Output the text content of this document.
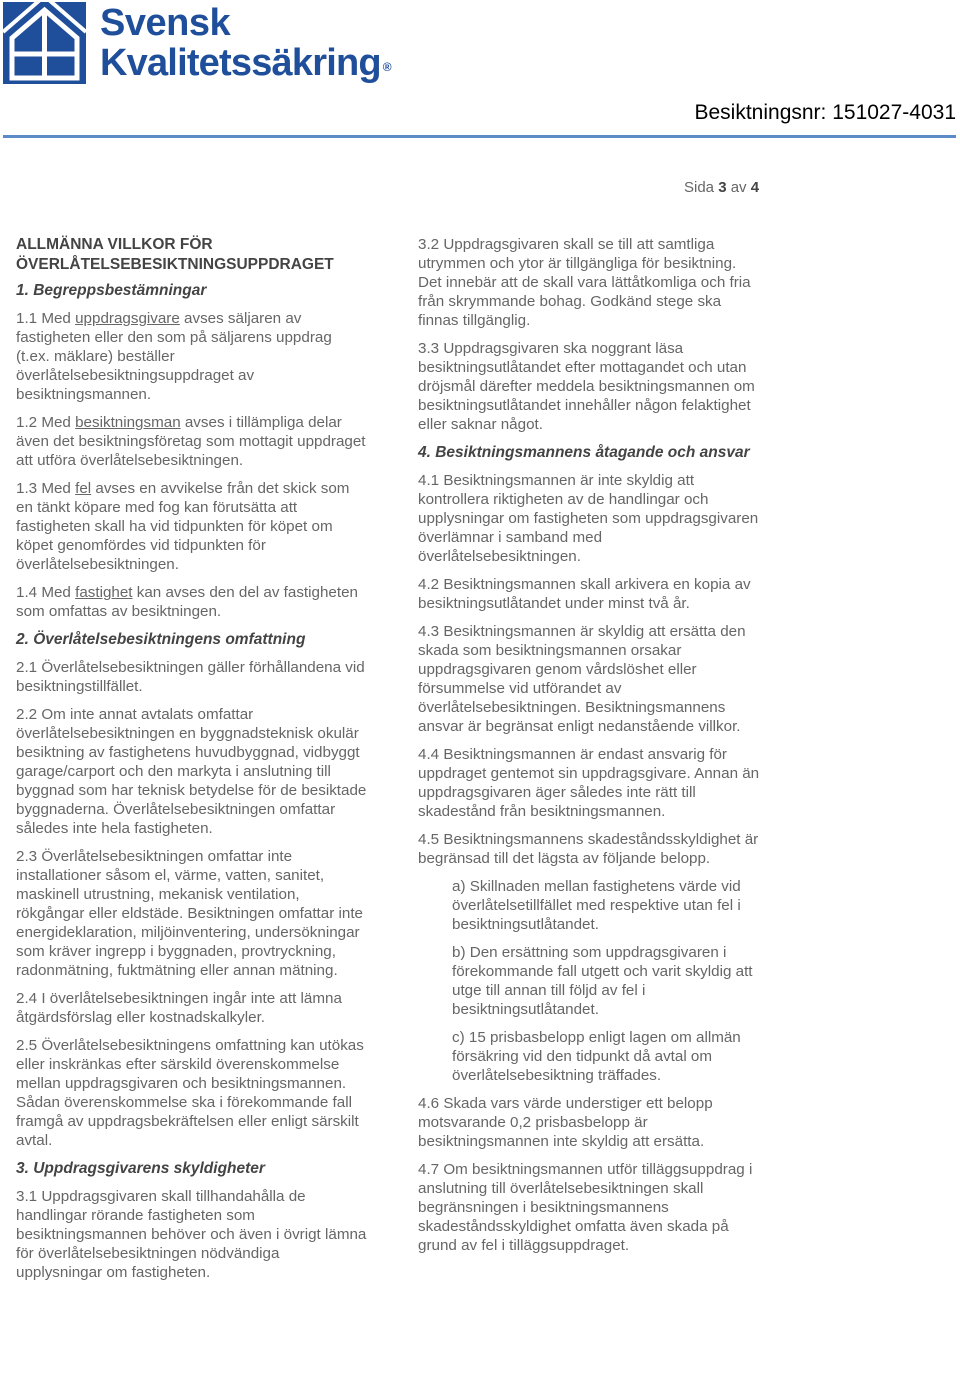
Svensk
Kvalitetssäkring ®
Besiktningsnr: 151027-4031
Sida 3 av 4
ALLMÄNNA VILLKOR FÖR ÖVERLÅTELSEBESIKTNINGSUPPDRAGET
1. Begreppsbestämningar
1.1 Med uppdragsgivare avses säljaren av fastigheten eller den som på säljarens uppdrag (t.ex. mäklare) beställer överlåtelsebesiktningsuppdraget av besiktningsmannen.
1.2 Med besiktningsman avses i tillämpliga delar även det besiktningsföretag som mottagit uppdraget att utföra överlåtelsebesiktningen.
1.3 Med fel avses en avvikelse från det skick som en tänkt köpare med fog kan förutsätta att fastigheten skall ha vid tidpunkten för köpet om köpet genomfördes vid tidpunkten för överlåtelsebesiktningen.
1.4 Med fastighet kan avses den del av fastigheten som omfattas av besiktningen.
2. Överlåtelsebesiktningens omfattning
2.1 Överlåtelsebesiktningen gäller förhållandena vid besiktningstillfället.
2.2 Om inte annat avtalats omfattar överlåtelsebesiktningen en byggnadsteknisk okulär besiktning av fastighetens huvudbyggnad, vidbyggt garage/carport och den markyta i anslutning till byggnad som har teknisk betydelse för de besiktade byggnaderna. Överlåtelsebesiktningen omfattar således inte hela fastigheten.
2.3 Överlåtelsebesiktningen omfattar inte installationer såsom el, värme, vatten, sanitet, maskinell utrustning, mekanisk ventilation, rökgångar eller eldstäde. Besiktningen omfattar inte energideklaration, miljöinventering, undersökningar som kräver ingrepp i byggnaden, provtryckning, radonmätning, fuktmätning eller annan mätning.
2.4 I överlåtelsebesiktningen ingår inte att lämna åtgärdsförslag eller kostnadskalkyler.
2.5 Överlåtelsebesiktningens omfattning kan utökas eller inskränkas efter särskild överenskommelse mellan uppdragsgivaren och besiktningsmannen. Sådan överenskommelse ska i förekommande fall framgå av uppdragsbekräftelsen eller enligt särskilt avtal.
3. Uppdragsgivarens skyldigheter
3.1 Uppdragsgivaren skall tillhandahålla de handlingar rörande fastigheten som besiktningsmannen behöver och även i övrigt lämna för överlåtelsebesiktningen nödvändiga upplysningar om fastigheten.
3.2 Uppdragsgivaren skall se till att samtliga utrymmen och ytor är tillgängliga för besiktning. Det innebär att de skall vara lättåtkomliga och fria från skrymmande bohag. Godkänd stege ska finnas tillgänglig.
3.3 Uppdragsgivaren ska noggrant läsa besiktningsutlåtandet efter mottagandet och utan dröjsmål därefter meddela besiktningsmannen om besiktningsutlåtandet innehåller någon felaktighet eller saknar något.
4. Besiktningsmannens åtagande och ansvar
4.1 Besiktningsmannen är inte skyldig att kontrollera riktigheten av de handlingar och upplysningar om fastigheten som uppdragsgivaren överlämnar i samband med överlåtelsebesiktningen.
4.2 Besiktningsmannen skall arkivera en kopia av besiktningsutlåtandet under minst två år.
4.3 Besiktningsmannen är skyldig att ersätta den skada som besiktningsmannen orsakar uppdragsgivaren genom vårdslöshet eller försummelse vid utförandet av överlåtelsebesiktningen. Besiktningsmannens ansvar är begränsat enligt nedanstående villkor.
4.4 Besiktningsmannen är endast ansvarig för uppdraget gentemot sin uppdragsgivare. Annan än uppdragsgivaren äger således inte rätt till skadestånd från besiktningsmannen.
4.5 Besiktningsmannens skadeståndsskyldighet är begränsad till det lägsta av följande belopp.
a) Skillnaden mellan fastighetens värde vid överlåtelsetillfället med respektive utan fel i besiktningsutlåtandet.
b) Den ersättning som uppdragsgivaren i förekommande fall utgett och varit skyldig att utge till annan till följd av fel i besiktningsutlåtandet.
c) 15 prisbasbelopp enligt lagen om allmän försäkring vid den tidpunkt då avtal om överlåtelsebesiktning träffades.
4.6 Skada vars värde understiger ett belopp motsvarande 0,2 prisbasbelopp är besiktningsmannen inte skyldig att ersätta.
4.7 Om besiktningsmannen utför tilläggsuppdrag i anslutning till överlåtelsebesiktningen skall begränsningen i besiktningsmannens skadeståndsskyldighet omfatta även skada på grund av fel i tilläggsuppdraget.
